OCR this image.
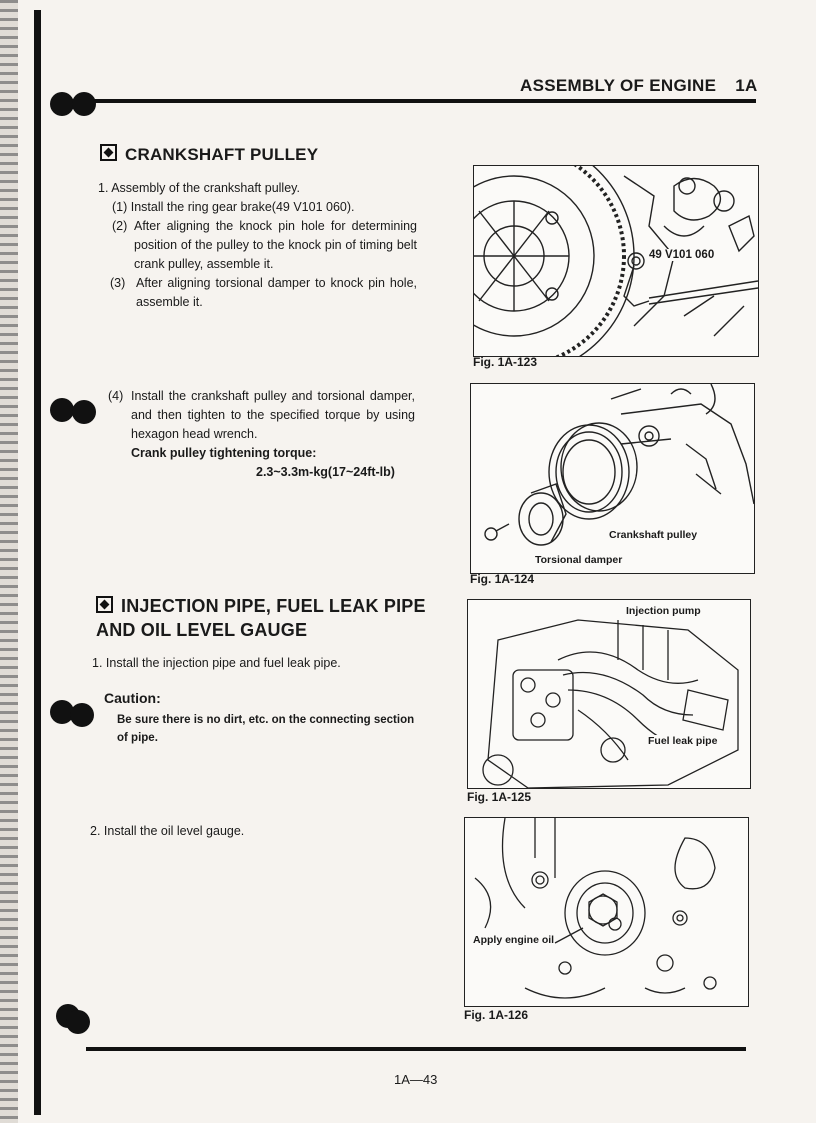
ASSEMBLY OF ENGINE 1A
CRANKSHAFT PULLEY
1. Assembly of the crankshaft pulley.
(1) Install the ring gear brake(49 V101 060).
(2) After aligning the knock pin hole for determining position of the pulley to the knock pin of timing belt crank pulley, assemble it.
(3) After aligning torsional damper to knock pin hole, assemble it.
(4) Install the crankshaft pulley and torsional damper, and then tighten to the specified torque by using hexagon head wrench.
Crank pulley tightening torque:
2.3~3.3m-kg(17~24ft-lb)
INJECTION PIPE, FUEL LEAK PIPE AND OIL LEVEL GAUGE
1. Install the injection pipe and fuel leak pipe.
Caution:
Be sure there is no dirt, etc. on the connecting section of pipe.
2. Install the oil level gauge.
49 V101 060
Fig. 1A-123
Crankshaft pulley
Torsional damper
Fig. 1A-124
Injection pump
Fuel leak pipe
Fig. 1A-125
Apply engine oil
Fig. 1A-126
1A—43
